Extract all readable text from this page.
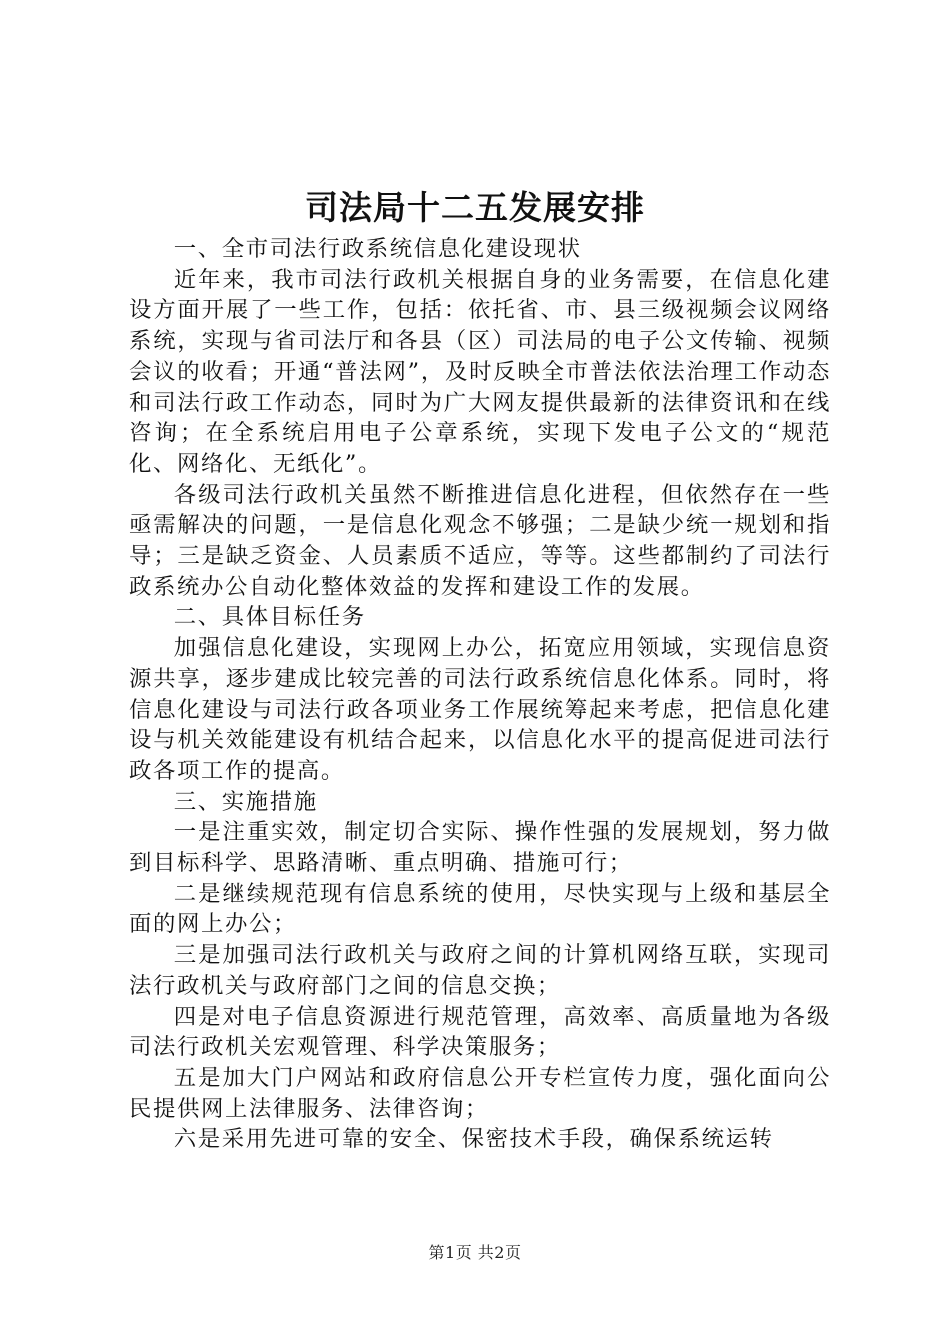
司法局十二五发展安排

一、全市司法行政系统信息化建设现状

近年来，我市司法行政机关根据自身的业务需要，在信息化建设方面开展了一些工作，包括：依托省、市、县三级视频会议网络系统，实现与省司法厅和各县（区）司法局的电子公文传输、视频会议的收看；开通“普法网”，及时反映全市普法依法治理工作动态和司法行政工作动态，同时为广大网友提供最新的法律资讯和在线咨询；在全系统启用电子公章系统，实现下发电子公文的“规范化、网络化、无纸化”。

各级司法行政机关虽然不断推进信息化进程，但依然存在一些亟需解决的问题，一是信息化观念不够强；二是缺少统一规划和指导；三是缺乏资金、人员素质不适应，等等。这些都制约了司法行政系统办公自动化整体效益的发挥和建设工作的发展。

二、具体目标任务

加强信息化建设，实现网上办公，拓宽应用领域，实现信息资源共享，逐步建成比较完善的司法行政系统信息化体系。同时，将信息化建设与司法行政各项业务工作展统筹起来考虑，把信息化建设与机关效能建设有机结合起来，以信息化水平的提高促进司法行政各项工作的提高。

三、实施措施

一是注重实效，制定切合实际、操作性强的发展规划，努力做到目标科学、思路清晰、重点明确、措施可行；

二是继续规范现有信息系统的使用，尽快实现与上级和基层全面的网上办公；

三是加强司法行政机关与政府之间的计算机网络互联，实现司法行政机关与政府部门之间的信息交换；

四是对电子信息资源进行规范管理，高效率、高质量地为各级司法行政机关宏观管理、科学决策服务；

五是加大门户网站和政府信息公开专栏宣传力度，强化面向公民提供网上法律服务、法律咨询；

六是采用先进可靠的安全、保密技术手段，确保系统运转

第1页 共2页
